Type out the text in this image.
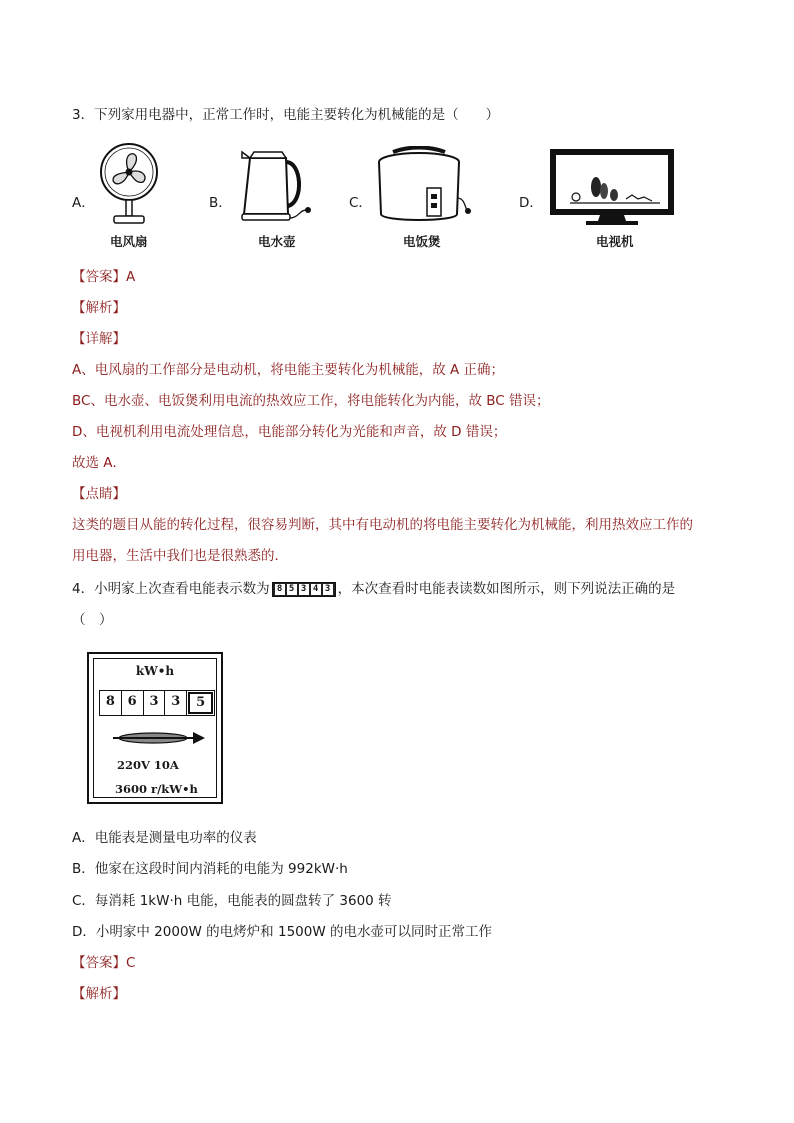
3．下列家用电器中，正常工作时，电能主要转化为机械能的是（　　）
A．
电风扇
B．
电水壶
C．
电饭煲
D．
电视机
【答案】A
【解析】
【详解】
A、电风扇的工作部分是电动机，将电能主要转化为机械能，故 A 正确；
BC、电水壶、电饭煲利用电流的热效应工作，将电能转化为内能，故 BC 错误；
D、电视机利用电流处理信息，电能部分转化为光能和声音，故 D 错误；
故选 A．
【点睛】
这类的题目从能的转化过程，很容易判断，其中有电动机的将电能主要转化为机械能，利用热效应工作的
用电器，生活中我们也是很熟悉的．
4．小明家上次查看电能表示数为 8 5 3 4 3 ，本次查看时电能表读数如图所示，则下列说法正确的是
（　）
kW•h
8 6 3 3	5
220V 10A
3600 r/kW•h
A．电能表是测量电功率的仪表
B．他家在这段时间内消耗的电能为 992kW·h
C．每消耗 1kW·h 电能，电能表的圆盘转了 3600 转
D．小明家中 2000W 的电烤炉和 1500W 的电水壶可以同时正常工作
【答案】C
【解析】
